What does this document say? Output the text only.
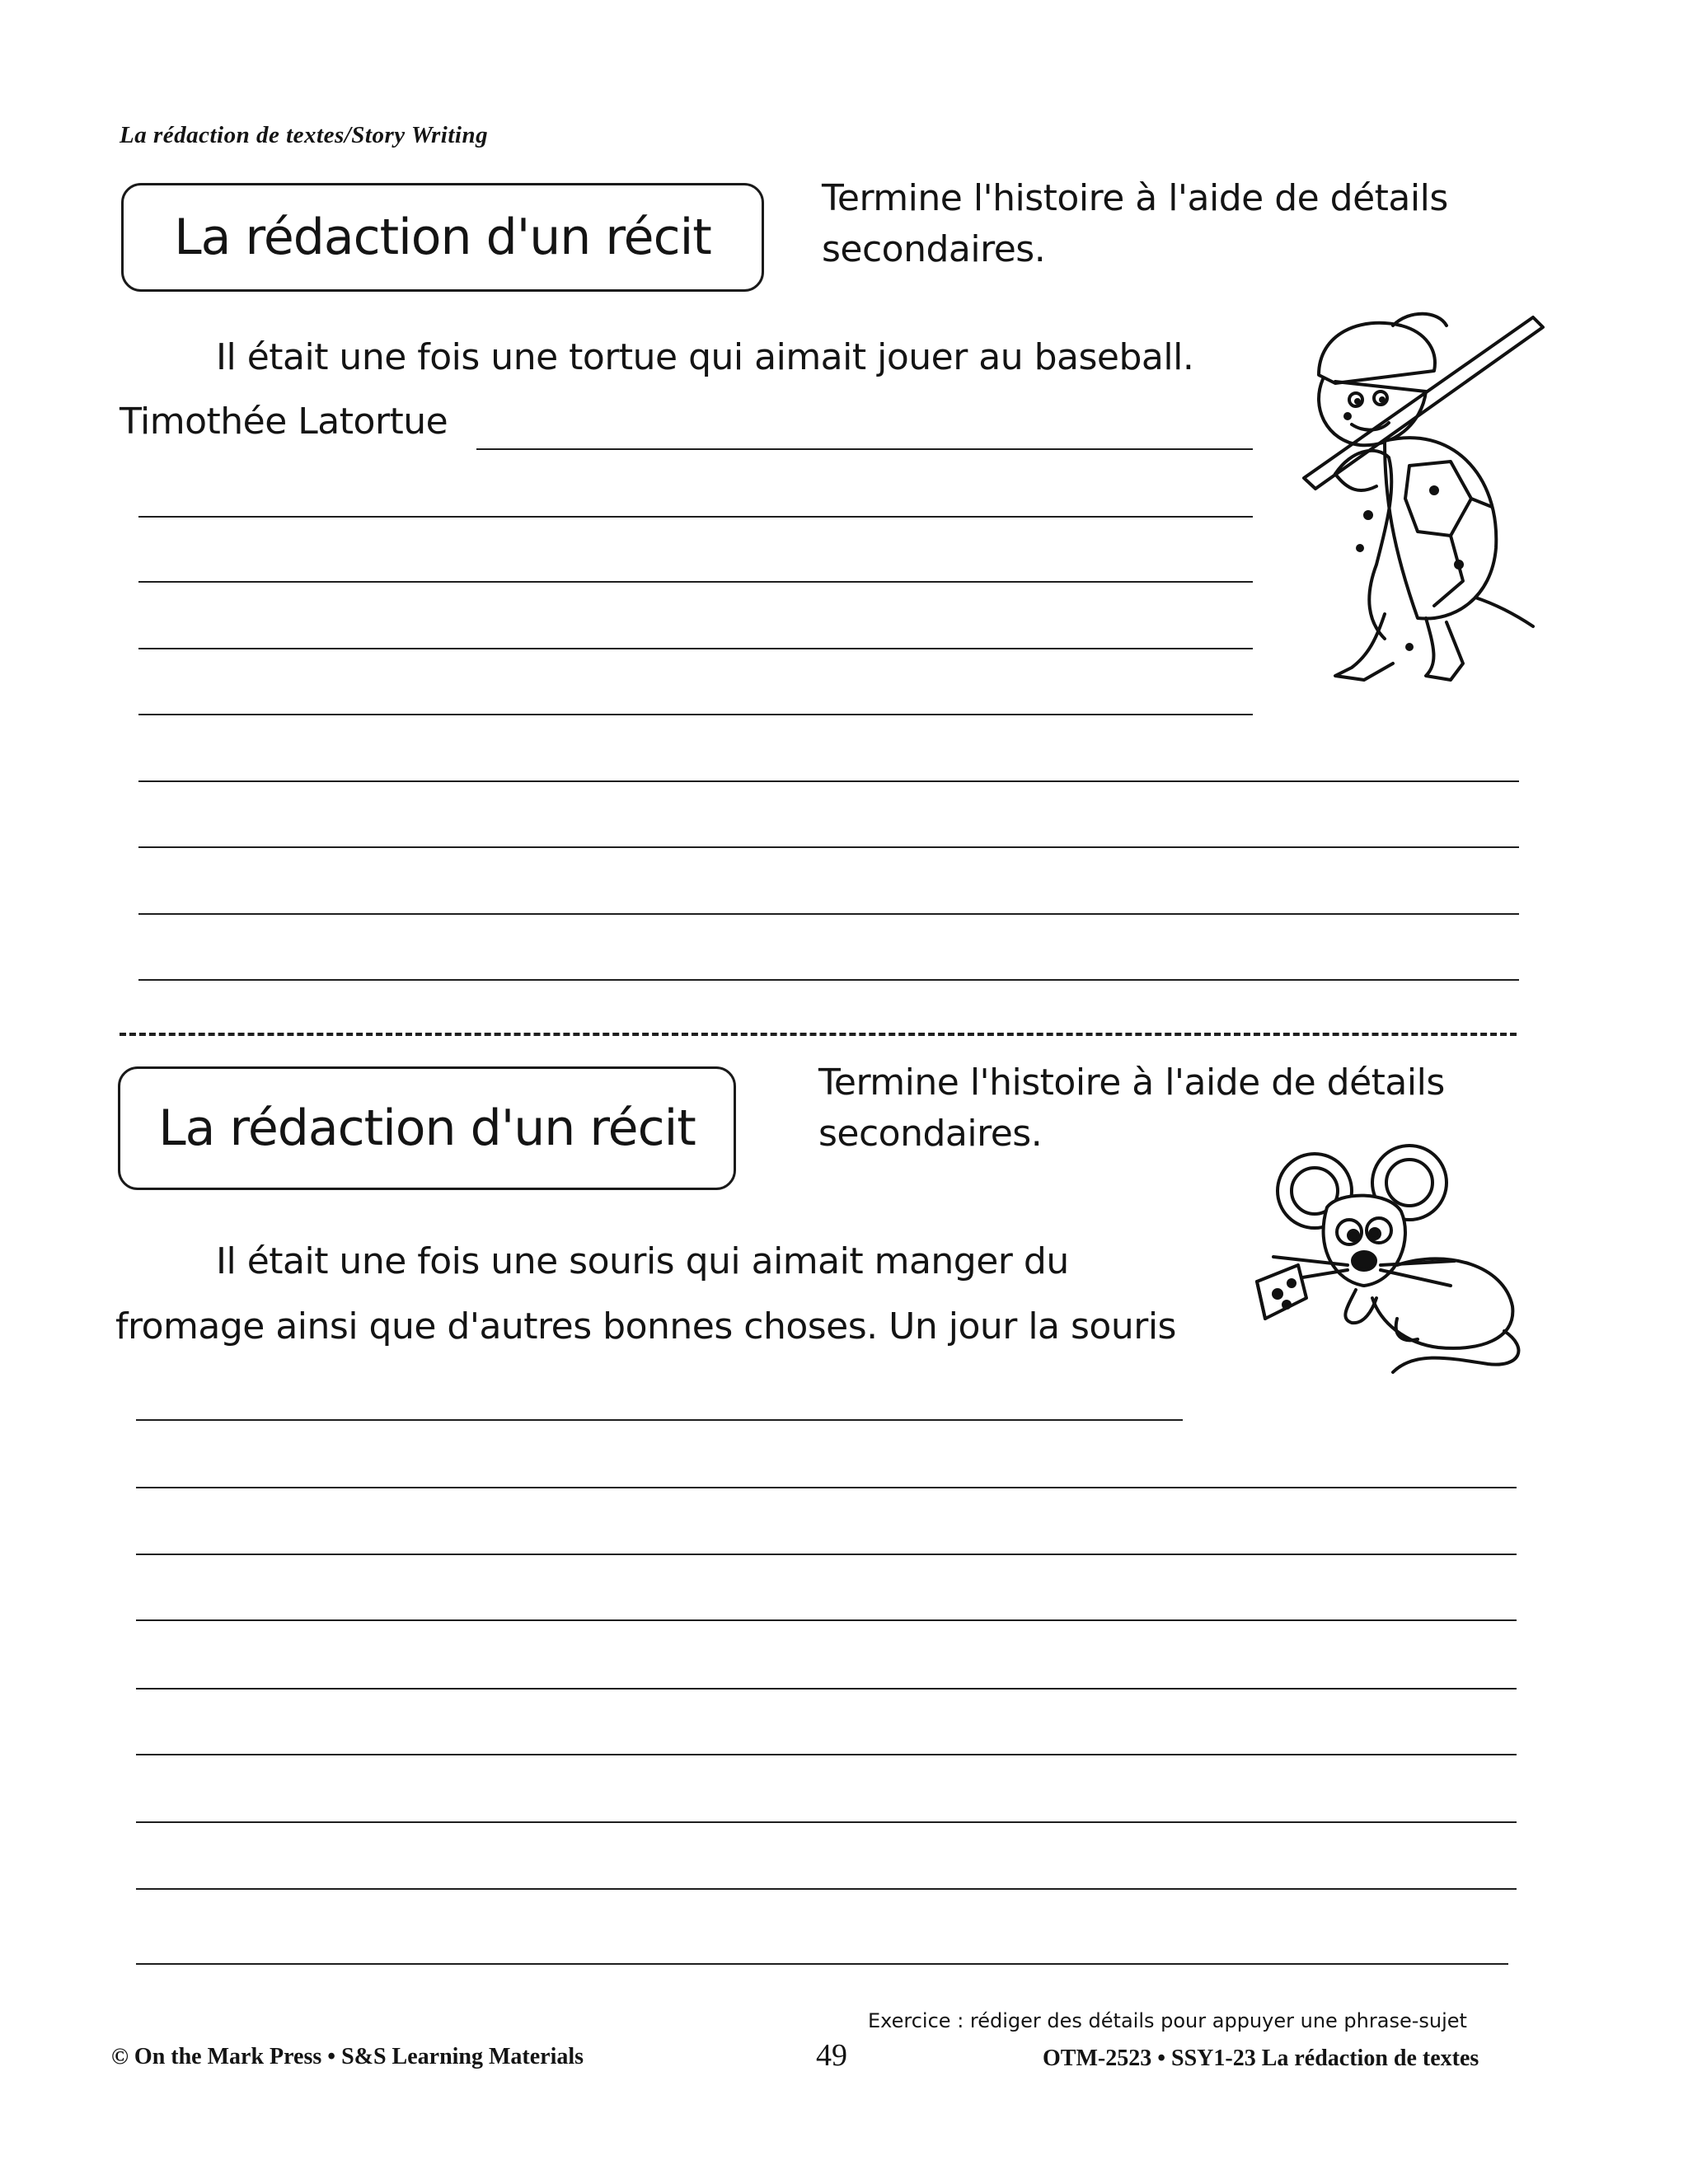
La rédaction de textes/Story Writing
La rédaction d'un récit
Termine l'histoire à l'aide de détails
secondaires.
Il était une fois une tortue qui aimait jouer au baseball.
Timothée Latortue
La rédaction d'un récit
Termine l'histoire à l'aide de détails
secondaires.
Il était une fois une souris qui aimait manger du
fromage ainsi que d'autres bonnes choses. Un jour la souris
Exercice : rédiger des détails pour appuyer une phrase-sujet
© On the Mark Press • S&S Learning Materials	49	OTM-2523 • SSY1-23 La rédaction de textes
